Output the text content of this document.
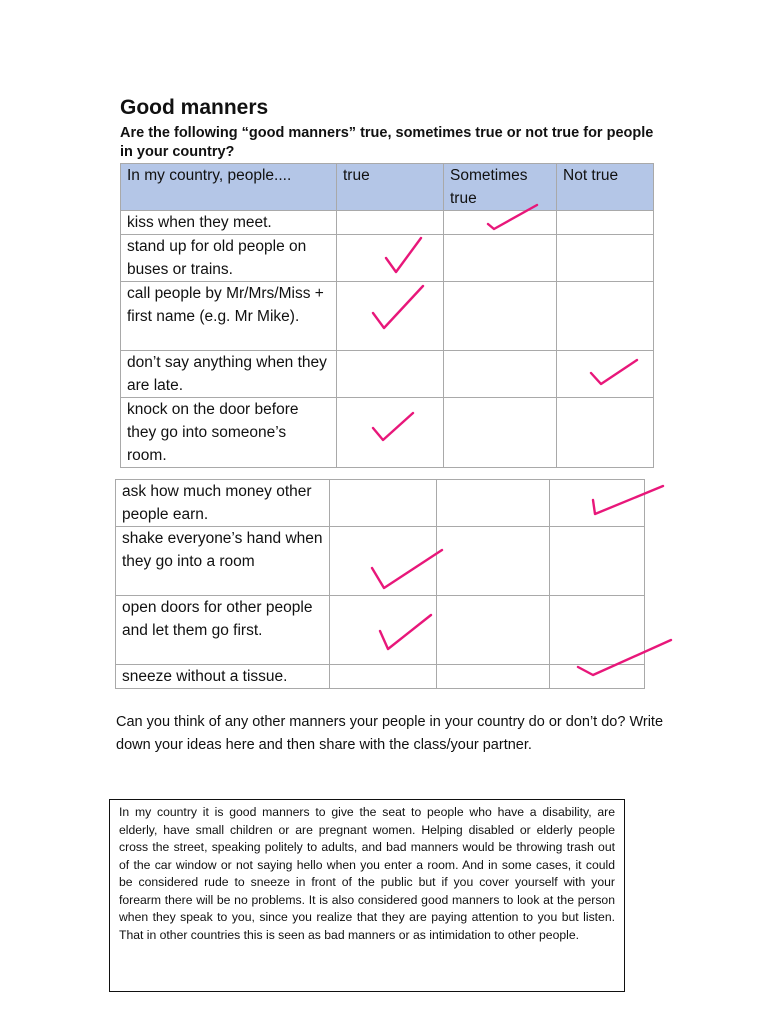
Good manners

Are the following “good manners” true, sometimes true or not true for people in your country?

In my country, people....	true	Sometimes true	Not true
kiss when they meet.			
stand up for old people on buses or trains.			
call people by Mr/Mrs/Miss + first name (e.g. Mr Mike).			
don’t say anything when they are late.			
knock on the door before they go into someone’s room.			
ask how much money other people earn.			
shake everyone’s hand when they go into a room			
open doors for other people and let them go first.			
sneeze without a tissue.			

Can you think of any other manners your people in your country do or don’t do? Write down your ideas here and then share with the class/your partner.

In my country it is good manners to give the seat to people who have a disability, are elderly, have small children or are pregnant women. Helping disabled or elderly people cross the street, speaking politely to adults, and bad manners would be throwing trash out of the car window or not saying hello when you enter a room. And in some cases, it could be considered rude to sneeze in front of the public but if you cover yourself with your forearm there will be no problems. It is also considered good manners to look at the person when they speak to you, since you realize that they are paying attention to you but listen. That in other countries this is seen as bad manners or as intimidation to other people.
